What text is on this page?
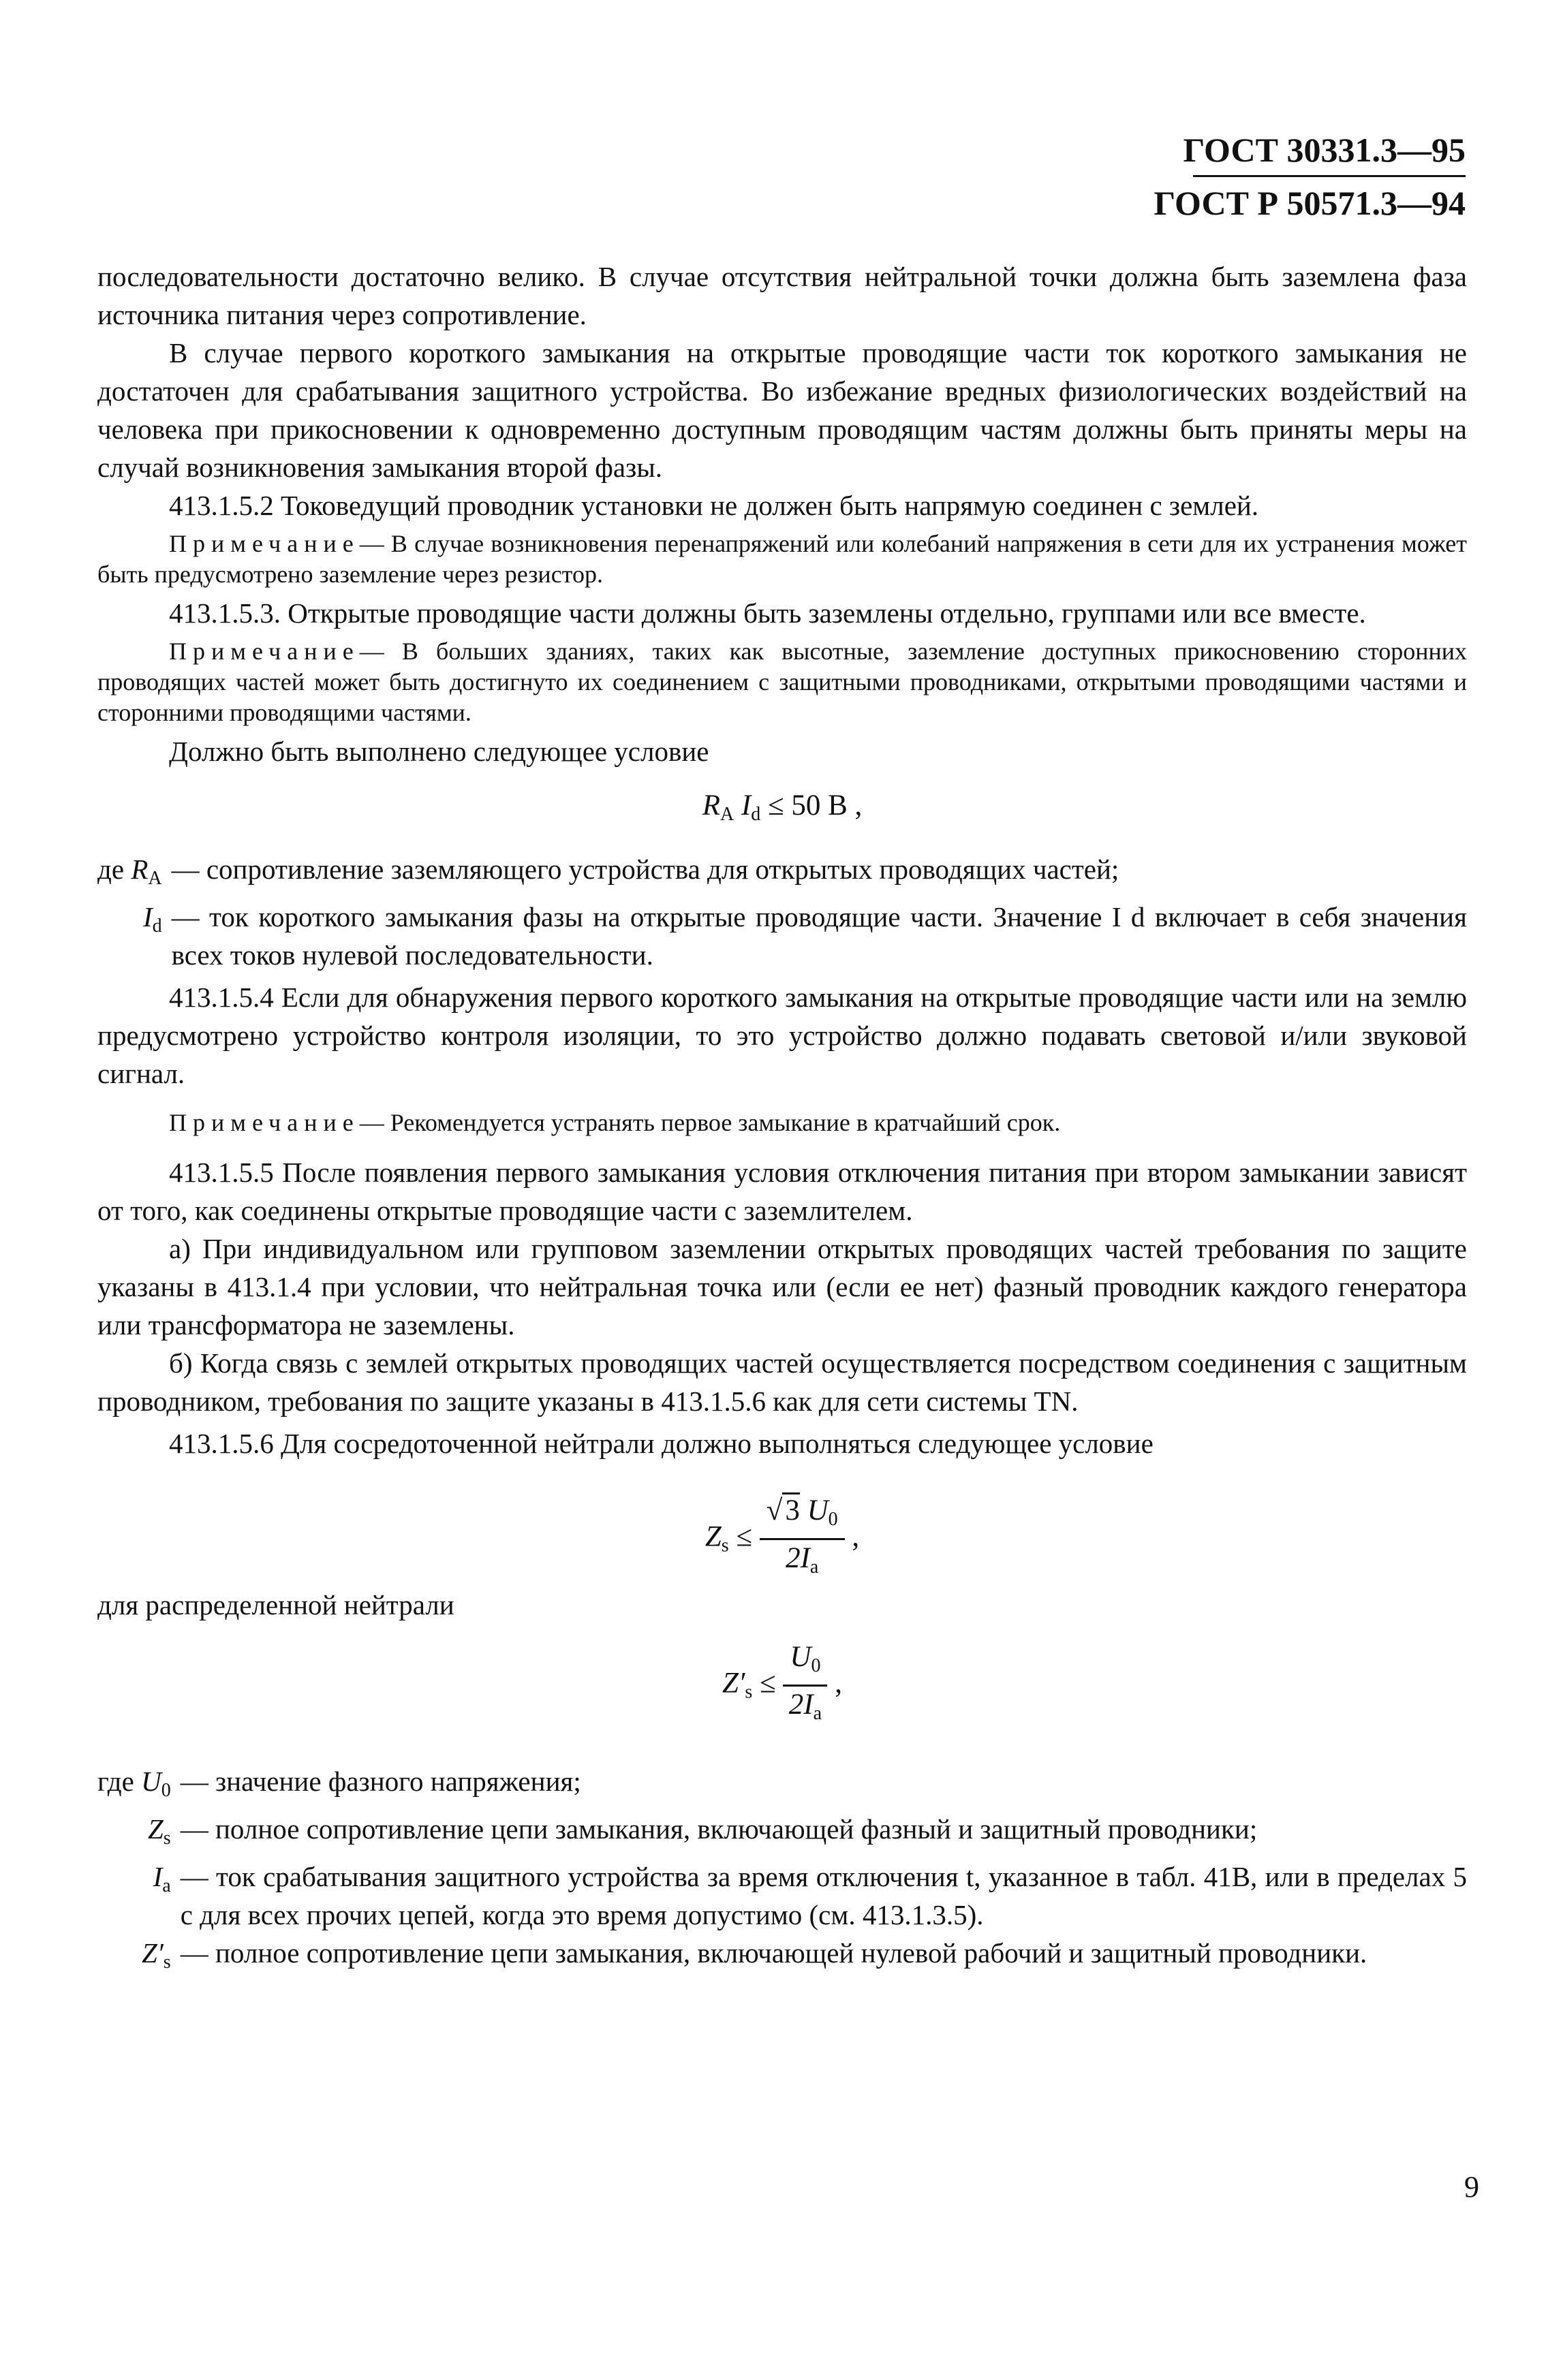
ГОСТ 30331.3—95
ГОСТ Р 50571.3—94

последовательности достаточно велико. В случае отсутствия нейтральной точки должна быть заземлена фаза источника питания через сопротивление.

В случае первого короткого замыкания на открытые проводящие части ток короткого замыкания не достаточен для срабатывания защитного устройства. Во избежание вредных физиологических воздействий на человека при прикосновении к одновременно доступным проводящим частям должны быть приняты меры на случай возникновения замыкания второй фазы.

413.1.5.2 Токоведущий проводник установки не должен быть напрямую соединен с землей.

Примечание— В случае возникновения перенапряжений или колебаний напряжения в сети для их устранения может быть предусмотрено заземление через резистор.

413.1.5.3. Открытые проводящие части должны быть заземлены отдельно, группами или все вместе.

Примечание— В больших зданиях, таких как высотные, заземление доступных прикосновению сторонних проводящих частей может быть достигнуто их соединением с защитными проводниками, открытыми проводящими частями и сторонними проводящими частями.

Должно быть выполнено следующее условие

$R_A$ $I_d \le 50$ В ,
де $R_A$ — сопротивление заземляющего устройства для открытых проводящих частей;
$I_d$ — ток короткого замыкания фазы на открытые проводящие части. Значение I d включает в себя значения всех токов нулевой последовательности.

413.1.5.4 Если для обнаружения первого короткого замыкания на открытые проводящие части или на землю предусмотрено устройство контроля изоляции, то это устройство должно подавать световой и/или звуковой сигнал.

Примечание— Рекомендуется устранять первое замыкание в кратчайший срок.

413.1.5.5 После появления первого замыкания условия отключения питания при втором замыкании зависят от того, как соединены открытые проводящие части с заземлителем.

а) При индивидуальном или групповом заземлении открытых проводящих частей требования по защите указаны в 413.1.4 при условии, что нейтральная точка или (если ее нет) фазный проводник каждого генератора или трансформатора не заземлены.

б) Когда связь с землей открытых проводящих частей осуществляется посредством соединения с защитным проводником, требования по защите указаны в 413.1.5.6 как для сети системы TN.

413.1.5.6 Для сосредоточенной нейтрали должно выполняться следующее условие

$Z_s \le \frac{√3 U_0}{2I_a}$ ,

для распределенной нейтрали

$Z'_s \le \frac{U_0}{2I_a}$ ,
где $U_0$ — значение фазного напряжения;
$Z_s$ — полное сопротивление цепи замыкания, включающей фазный и защитный проводники;
$I_a$ — ток срабатывания защитного устройства за время отключения t, указанное в табл. 41В, или в пределах 5 с для всех прочих цепей, когда это время допустимо (см. 413.1.3.5).
$Z'_s$ — полное сопротивление цепи замыкания, включающей нулевой рабочий и защитный проводники.
9
